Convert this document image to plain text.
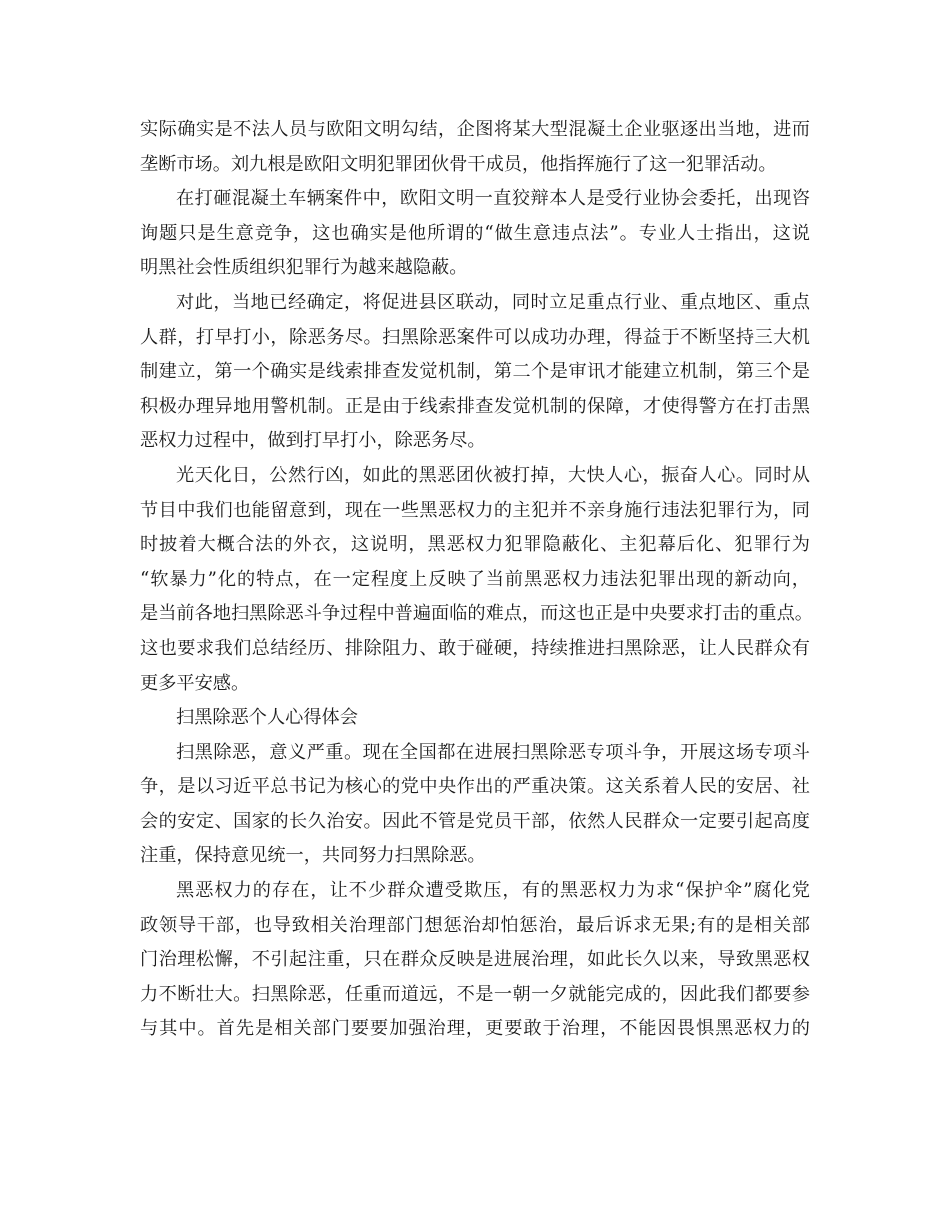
实际确实是不法人员与欧阳文明勾结，企图将某大型混凝土企业驱逐出当地，进而
垄断市场。刘九根是欧阳文明犯罪团伙骨干成员，他指挥施行了这一犯罪活动。
在打砸混凝土车辆案件中，欧阳文明一直狡辩本人是受行业协会委托，出现咨
询题只是生意竞争，这也确实是他所谓的“做生意违点法”。专业人士指出，这说
明黑社会性质组织犯罪行为越来越隐蔽。
对此，当地已经确定，将促进县区联动，同时立足重点行业、重点地区、重点
人群，打早打小，除恶务尽。扫黑除恶案件可以成功办理，得益于不断坚持三大机
制建立，第一个确实是线索排查发觉机制，第二个是审讯才能建立机制，第三个是
积极办理异地用警机制。正是由于线索排查发觉机制的保障，才使得警方在打击黑
恶权力过程中，做到打早打小，除恶务尽。
光天化日，公然行凶，如此的黑恶团伙被打掉，大快人心，振奋人心。同时从
节目中我们也能留意到，现在一些黑恶权力的主犯并不亲身施行违法犯罪行为，同
时披着大概合法的外衣，这说明，黑恶权力犯罪隐蔽化、主犯幕后化、犯罪行为
“软暴力”化的特点，在一定程度上反映了当前黑恶权力违法犯罪出现的新动向，
是当前各地扫黑除恶斗争过程中普遍面临的难点，而这也正是中央要求打击的重点。
这也要求我们总结经历、排除阻力、敢于碰硬，持续推进扫黑除恶，让人民群众有
更多平安感。
扫黑除恶个人心得体会
扫黑除恶，意义严重。现在全国都在进展扫黑除恶专项斗争，开展这场专项斗
争，是以习近平总书记为核心的党中央作出的严重决策。这关系着人民的安居、社
会的安定、国家的长久治安。因此不管是党员干部，依然人民群众一定要引起高度
注重，保持意见统一，共同努力扫黑除恶。
黑恶权力的存在，让不少群众遭受欺压，有的黑恶权力为求“保护伞”腐化党
政领导干部，也导致相关治理部门想惩治却怕惩治，最后诉求无果;有的是相关部
门治理松懈，不引起注重，只在群众反映是进展治理，如此长久以来，导致黑恶权
力不断壮大。扫黑除恶，任重而道远，不是一朝一夕就能完成的，因此我们都要参
与其中。首先是相关部门要要加强治理，更要敢于治理，不能因畏惧黑恶权力的
